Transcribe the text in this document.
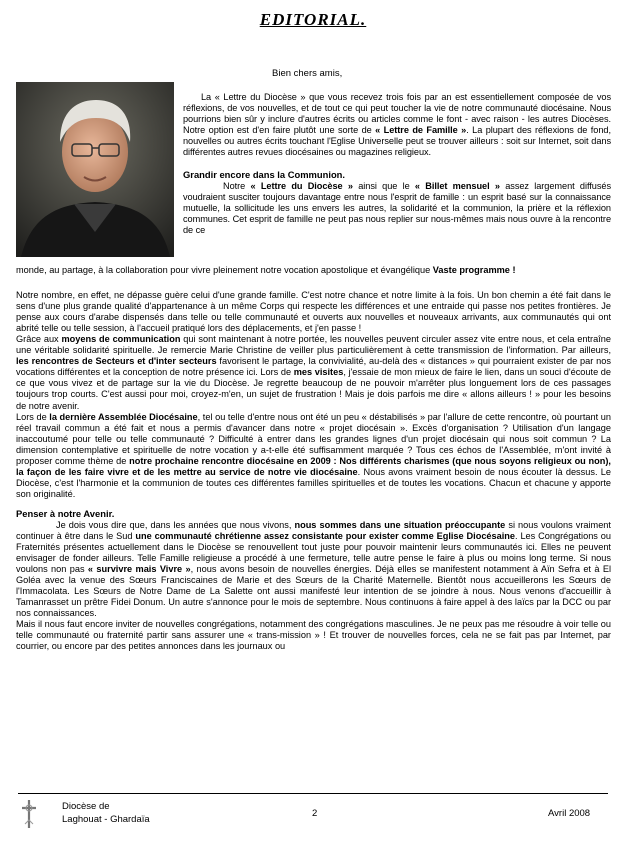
EDITORIAL.
Bien chers amis,

La « Lettre du Diocèse » que vous recevez trois fois par an est essentiellement composée de vos réflexions, de vos nouvelles, et de tout ce qui peut toucher la vie de notre communauté diocésaine. Nous pourrions bien sûr y inclure d'autres écrits ou articles comme le font - avec raison - les autres Diocèses. Notre option est d'en faire plutôt une sorte de « Lettre de Famille ». La plupart des réflexions de fond, nouvelles ou autres écrits touchant l'Eglise Universelle peut se trouver ailleurs : soit sur Internet, soit dans différentes autres revues diocésaines ou magazines religieux.

Grandir encore dans la Communion.

Notre « Lettre du Diocèse » ainsi que le « Billet mensuel » assez largement diffusés voudraient susciter toujours davantage entre nous l'esprit de famille : un esprit basé sur la connaissance mutuelle, la sollicitude les uns envers les autres, la solidarité et la communion, la prière et la réflexion communes. Cet esprit de famille ne peut pas nous replier sur nous-mêmes mais nous ouvre à la rencontre de ce

monde, au partage, à la collaboration pour vivre pleinement notre vocation apostolique et évangélique Vaste programme !

Notre nombre, en effet, ne dépasse guère celui d'une grande famille. C'est notre chance et notre limite à la fois. Un bon chemin a été fait dans le sens d'une plus grande qualité d'appartenance à un même Corps qui respecte les différences et une entraide qui passe nos petites frontières. Je pense aux cours d'arabe dispensés dans telle ou telle communauté et ouverts aux nouvelles et nouveaux arrivants, aux communautés qui ont abrité telle ou telle session, à l'accueil pratiqué lors des déplacements, et j'en passe !

Grâce aux moyens de communication qui sont maintenant à notre portée, les nouvelles peuvent circuler assez vite entre nous, et cela entraîne une véritable solidarité spirituelle. Je remercie Marie Christine de veiller plus particulièrement à cette transmission de l'information. Par ailleurs, les rencontres de Secteurs et d'inter secteurs favorisent le partage, la convivialité, au-delà des « distances » qui pourraient exister de par nos vocations différentes et la conception de notre présence ici. Lors de mes visites, j'essaie de mon mieux de faire le lien, dans un souci d'écoute de ce que vous vivez et de partage sur la vie du Diocèse. Je regrette beaucoup de ne pouvoir m'arrêter plus longuement lors de ces passages toujours trop courts. C'est aussi pour moi, croyez-m'en, un sujet de frustration ! Mais je dois parfois me dire « allons ailleurs ! » pour les besoins de notre avenir.

Lors de la dernière Assemblée Diocésaine, tel ou telle d'entre nous ont été un peu « déstabilisés » par l'allure de cette rencontre, où pourtant un réel travail commun a été fait et nous a permis d'avancer dans notre « projet diocésain ». Excès d'organisation ? Utilisation d'un langage inaccoutumé pour telle ou telle communauté ? Difficulté à entrer dans les grandes lignes d'un projet diocésain qui nous soit commun ? La dimension contemplative et spirituelle de notre vocation y a-t-elle été suffisamment marquée ? Tous ces échos de l'Assemblée, m'ont invité à proposer comme thème de notre prochaine rencontre diocésaine en 2009 : Nos différents charismes (que nous soyons religieux ou non), la façon de les faire vivre et de les mettre au service de notre vie diocésaine. Nous avons vraiment besoin de nous écouter là dessus. Le Diocèse, c'est l'harmonie et la communion de toutes ces différentes familles spirituelles et de toutes les vocations. Chacun et chacune y apporte son originalité.

Penser à notre Avenir.

Je dois vous dire que, dans les années que nous vivons, nous sommes dans une situation préoccupante si nous voulons vraiment continuer à être dans le Sud une communauté chrétienne assez consistante pour exister comme Eglise Diocésaine. Les Congrégations ou Fraternités présentes actuellement dans le Diocèse se renouvellent tout juste pour pouvoir maintenir leurs communautés ici. Elles ne peuvent envisager de fonder ailleurs. Telle Famille religieuse a procédé à une fermeture, telle autre pense le faire à plus ou moins long terme. Si nous voulons non pas « survivre mais Vivre », nous avons besoin de nouvelles énergies. Déjà elles se manifestent notamment à Aïn Sefra et à El Goléa avec la venue des Sœurs Franciscaines de Marie et des Sœurs de la Charité Maternelle. Bientôt nous accueillerons les Sœurs de l'Immacolata. Les Sœurs de Notre Dame de La Salette ont aussi manifesté leur intention de se joindre à nous. Nous venons d'accueillir à Tamanrasset un prêtre Fidei Donum. Un autre s'annonce pour le mois de septembre. Nous continuons à faire appel à des laïcs par la DCC ou par nos connaissances.

Mais il nous faut encore inviter de nouvelles congrégations, notamment des congrégations masculines. Je ne peux pas me résoudre à voir telle ou telle communauté ou fraternité partir sans assurer une « trans-mission » ! Et trouver de nouvelles forces, cela ne se fait pas par Internet, par courrier, ou encore par des petites annonces dans les journaux ou

Diocèse de
Laghouat - Ghardaïa
2	Avril 2008
